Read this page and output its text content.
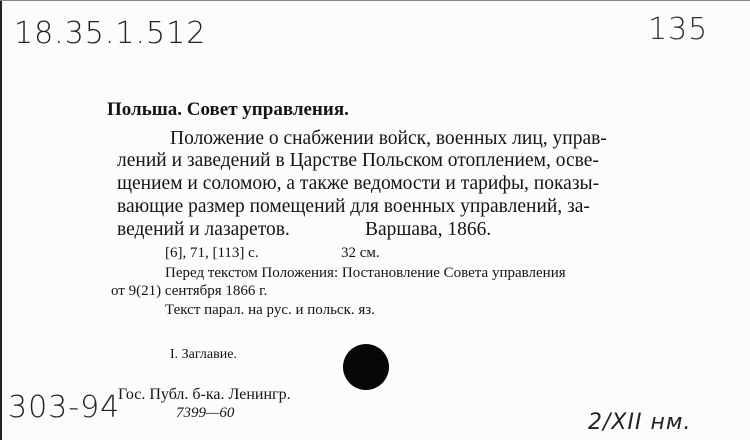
18.35.1.512	135
Польша. Совет управления.
Положение о снабжении войск, военных лиц, управ-
лений и заведений в Царстве Польском отоплением, осве-
щением и соломою, а также ведомости и тарифы, показы-
вающие размер помещений для военных управлений, за-
ведений и лазаретов.	Варшава, 1866.
[6], 71, [113] с.	32 см.
Перед текстом Положения: Постановление Совета управления
от 9(21) сентября 1866 г.
Текст парал. на рус. и польск. яз.
I. Заглавие.
Гос. Публ. б-ка. Ленингр.
7399—60
303-94	2/XII нм.
